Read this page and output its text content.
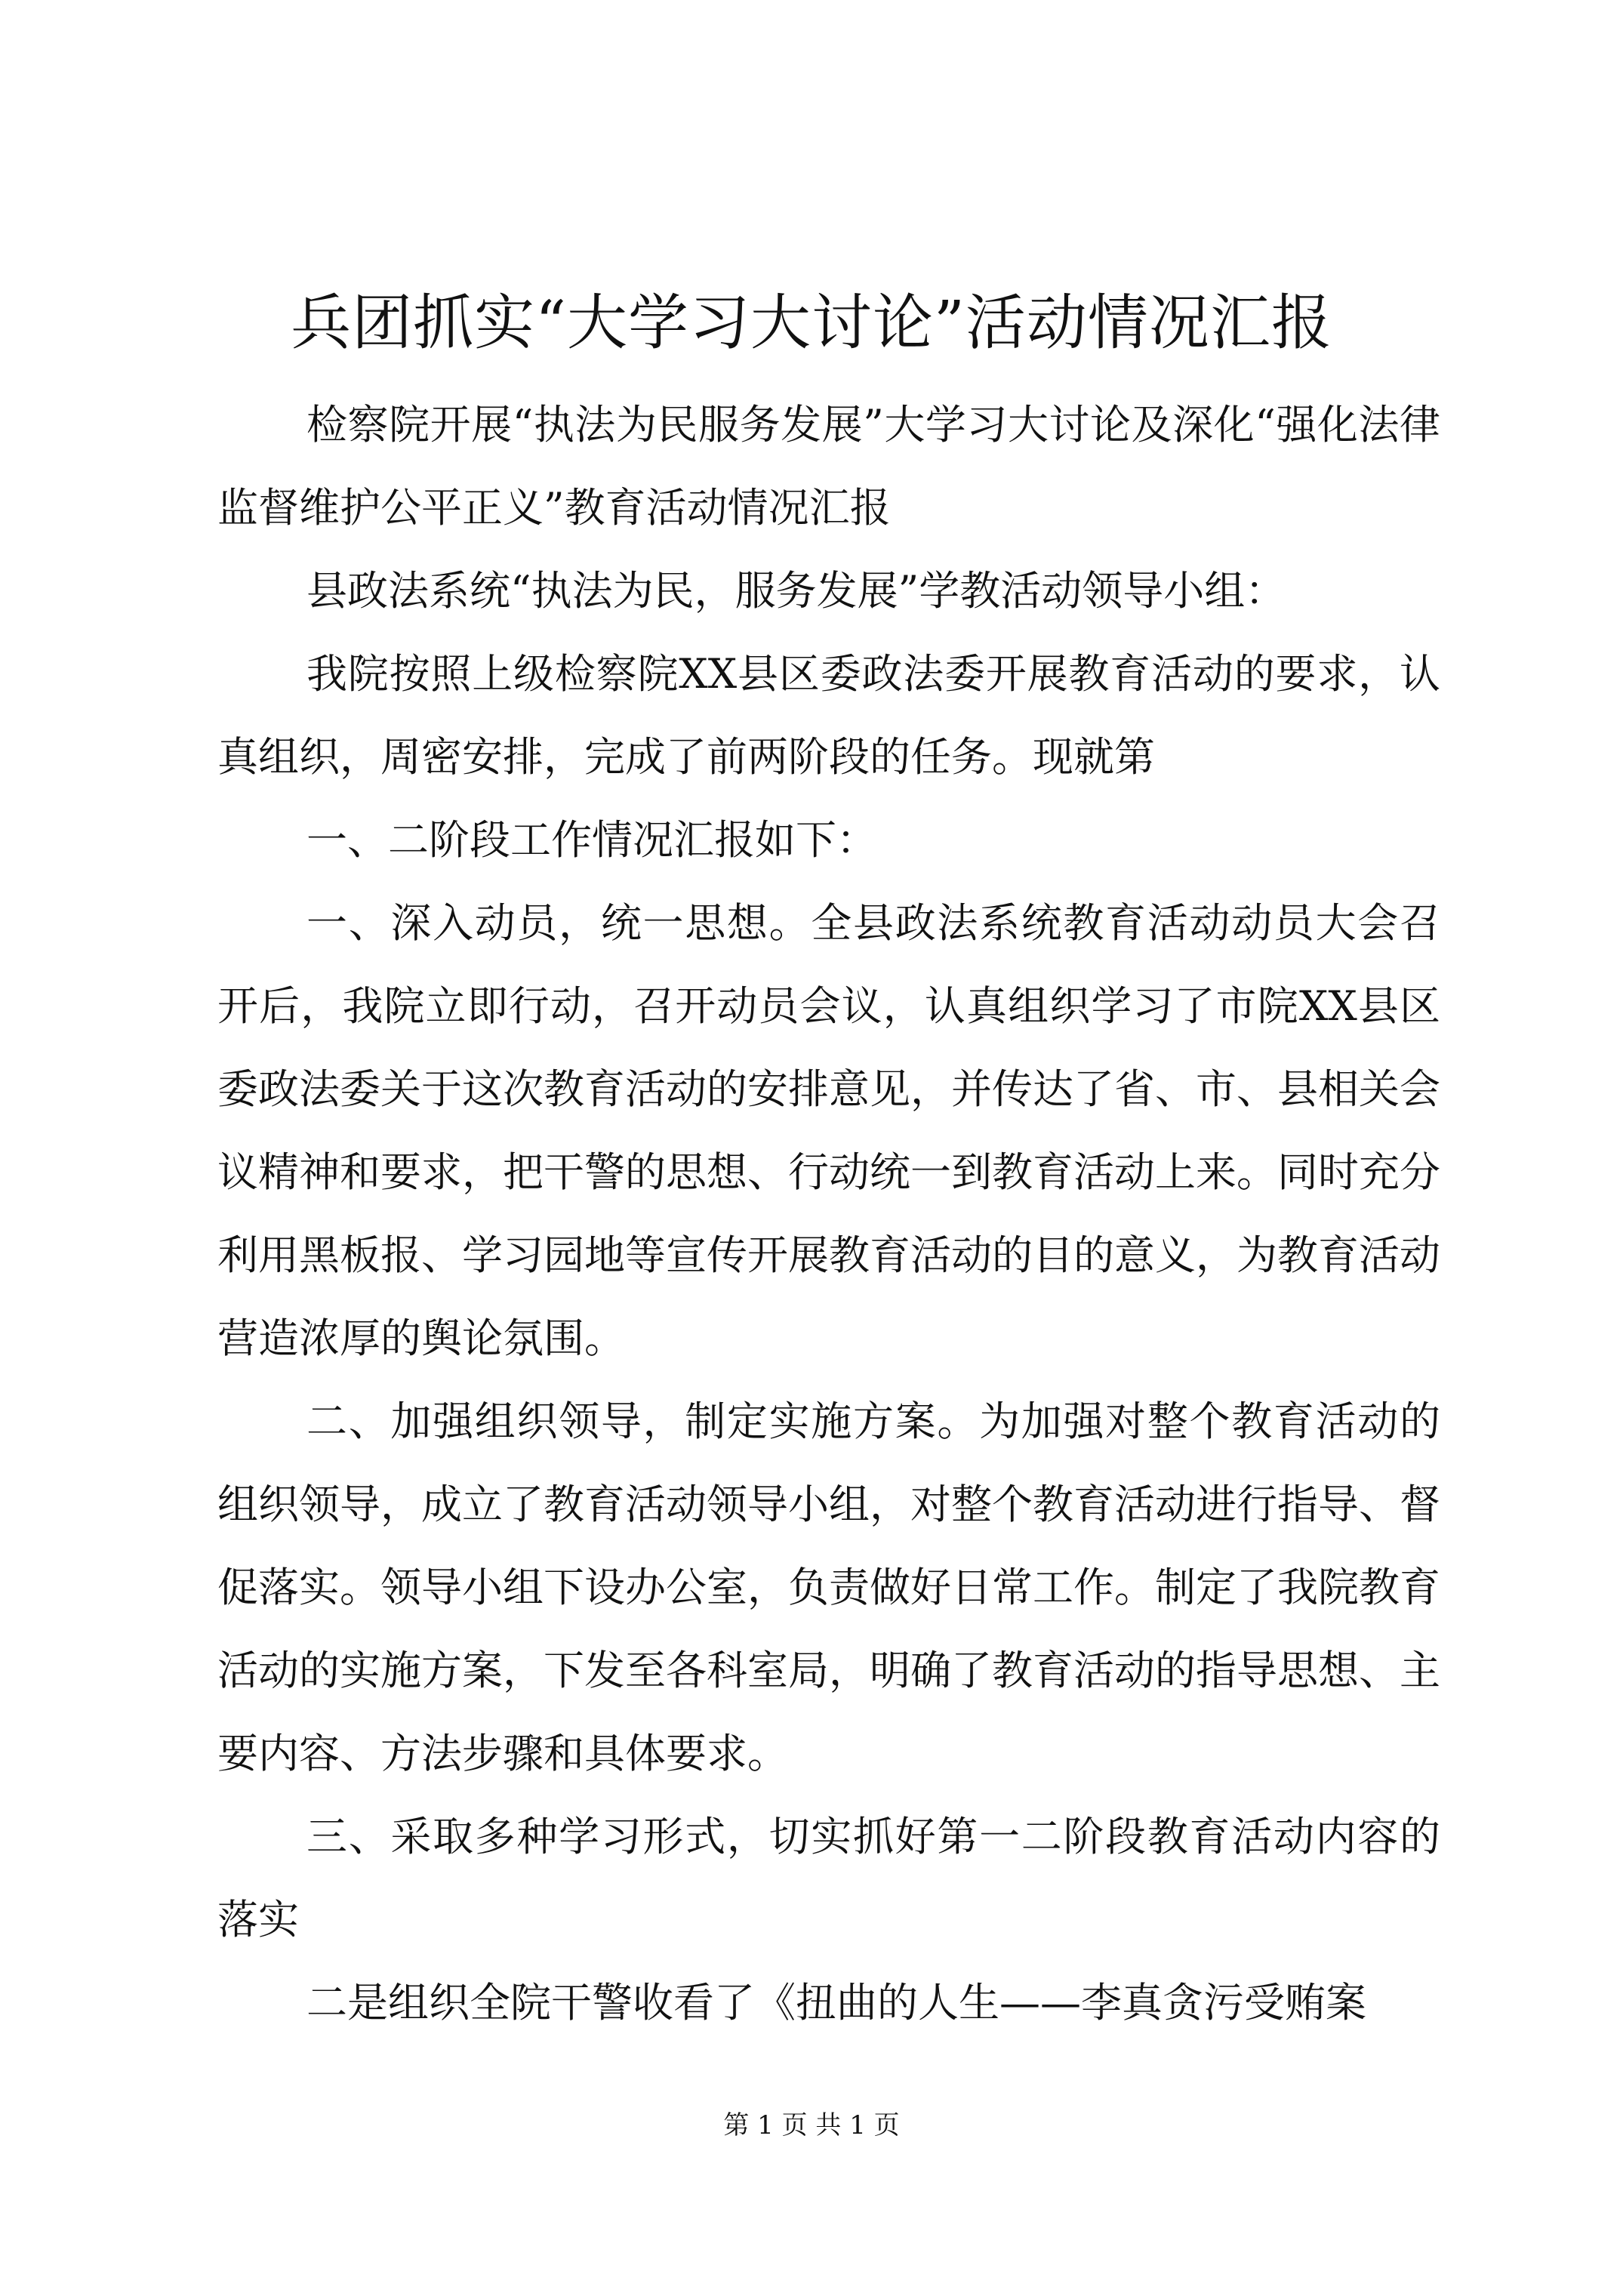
兵团抓实“大学习大讨论”活动情况汇报

检察院开展“执法为民服务发展”大学习大讨论及深化“强化法律监督维护公平正义”教育活动情况汇报

县政法系统“执法为民，服务发展”学教活动领导小组：

我院按照上级检察院XX县区委政法委开展教育活动的要求，认真组织，周密安排，完成了前两阶段的任务。现就第

一、二阶段工作情况汇报如下：

一、深入动员，统一思想。全县政法系统教育活动动员大会召开后，我院立即行动，召开动员会议，认真组织学习了市院XX县区委政法委关于这次教育活动的安排意见，并传达了省、市、县相关会议精神和要求，把干警的思想、行动统一到教育活动上来。同时充分利用黑板报、学习园地等宣传开展教育活动的目的意义，为教育活动营造浓厚的舆论氛围。

二、加强组织领导，制定实施方案。为加强对整个教育活动的组织领导，成立了教育活动领导小组，对整个教育活动进行指导、督促落实。领导小组下设办公室，负责做好日常工作。制定了我院教育活动的实施方案，下发至各科室局，明确了教育活动的指导思想、主要内容、方法步骤和具体要求。

三、采取多种学习形式，切实抓好第一二阶段教育活动内容的落实

二是组织全院干警收看了《扭曲的人生——李真贪污受贿案

第 1 页 共 1 页
